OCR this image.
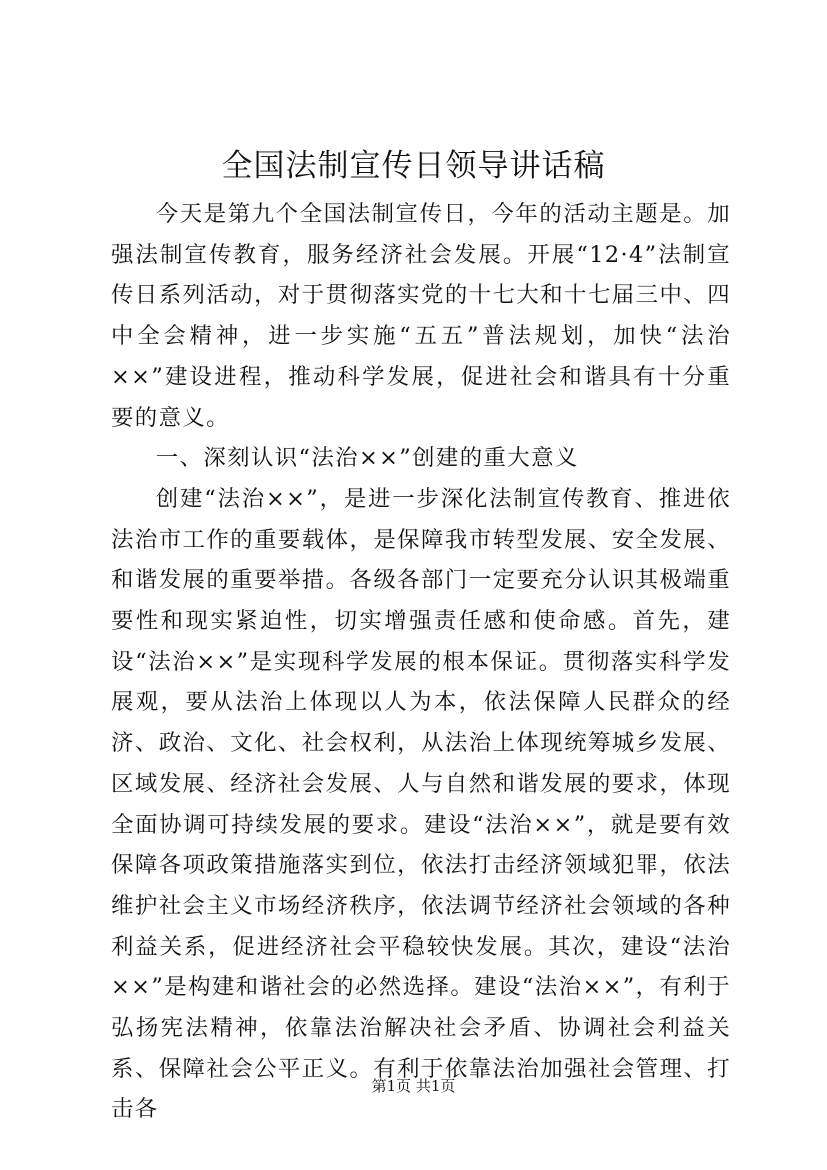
全国法制宣传日领导讲话稿

今天是第九个全国法制宣传日，今年的活动主题是。加强法制宣传教育，服务经济社会发展。开展“12·4”法制宣传日系列活动，对于贯彻落实党的十七大和十七届三中、四中全会精神，进一步实施“五五”普法规划，加快“法治××”建设进程，推动科学发展，促进社会和谐具有十分重要的意义。

一、深刻认识“法治××”创建的重大意义

创建“法治××”，是进一步深化法制宣传教育、推进依法治市工作的重要载体，是保障我市转型发展、安全发展、和谐发展的重要举措。各级各部门一定要充分认识其极端重要性和现实紧迫性，切实增强责任感和使命感。首先，建设“法治××”是实现科学发展的根本保证。贯彻落实科学发展观，要从法治上体现以人为本，依法保障人民群众的经济、政治、文化、社会权利，从法治上体现统筹城乡发展、区域发展、经济社会发展、人与自然和谐发展的要求，体现全面协调可持续发展的要求。建设“法治××”，就是要有效保障各项政策措施落实到位，依法打击经济领域犯罪，依法维护社会主义市场经济秩序，依法调节经济社会领域的各种利益关系，促进经济社会平稳较快发展。其次，建设“法治××”是构建和谐社会的必然选择。建设“法治××”，有利于弘扬宪法精神，依靠法治解决社会矛盾、协调社会利益关系、保障社会公平正义。有利于依靠法治加强社会管理、打击各

第1页 共1页
